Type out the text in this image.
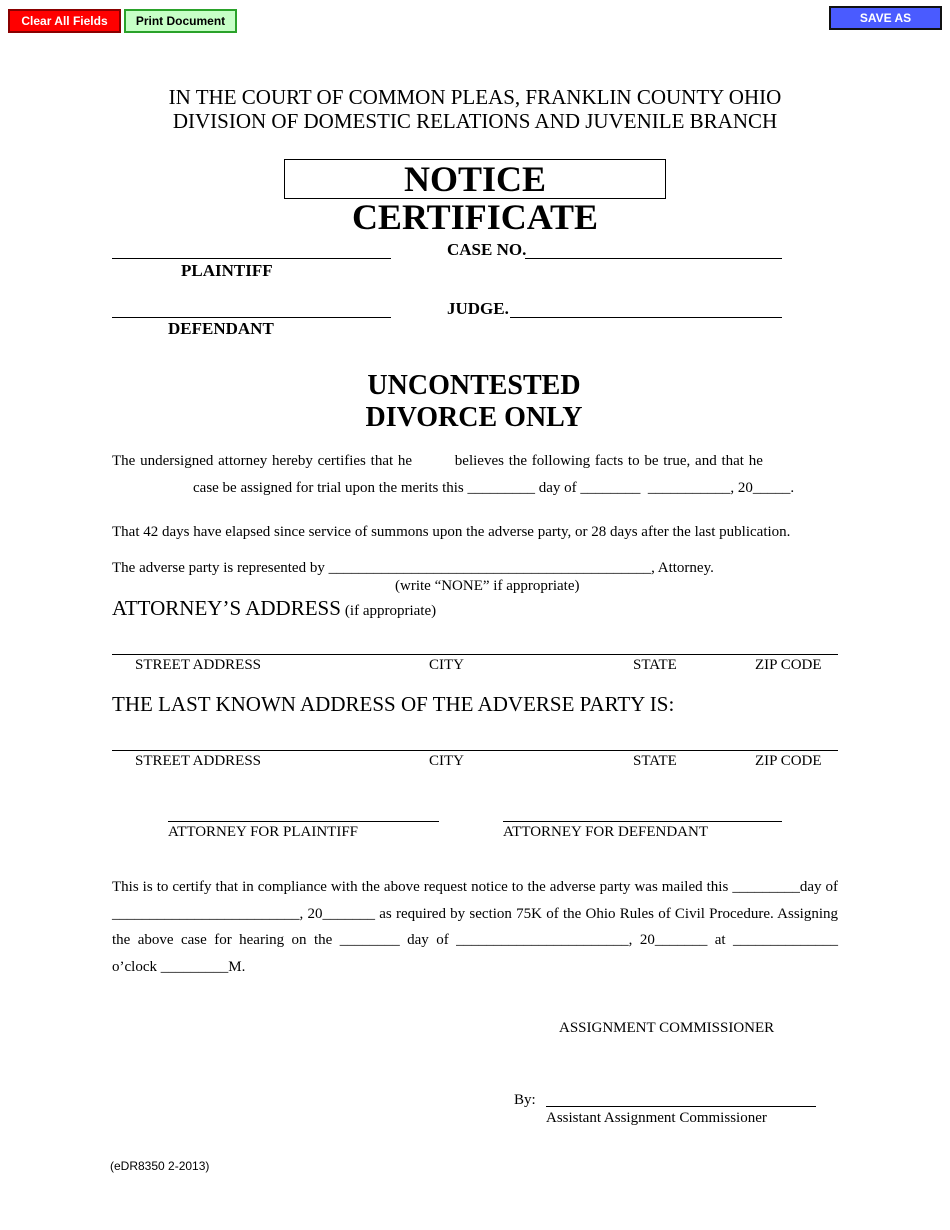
Clear All Fields	Print Document	SAVE AS
IN THE COURT OF COMMON PLEAS, FRANKLIN COUNTY OHIO
DIVISION OF DOMESTIC RELATIONS AND JUVENILE BRANCH
NOTICE CERTIFICATE
PLAINTIFF
CASE NO.
DEFENDANT
JUDGE.
UNCONTESTED
DIVORCE ONLY
The undersigned attorney hereby certifies that he         believes the following facts to be true, and that he
case be assigned for trial upon the merits this _________ day of ________  ___________, 20_____.
That 42 days have elapsed since service of summons upon the adverse party, or 28 days after the last publication.
The adverse party is represented by ___________________________________________, Attorney.
(write “NONE” if appropriate)
ATTORNEY’S ADDRESS (if appropriate)
STREET ADDRESS	CITY	STATE	ZIP CODE
THE LAST KNOWN ADDRESS OF THE ADVERSE PARTY IS:
STREET ADDRESS	CITY	STATE	ZIP CODE
ATTORNEY FOR PLAINTIFF	ATTORNEY FOR DEFENDANT
This is to certify that in compliance with the above request notice to the adverse party was mailed this _________day of _________________________, 20_______ as required by section 75K of the Ohio Rules of Civil Procedure. Assigning the above case for hearing on the ________ day of _______________________, 20_______ at ______________ o’clock _________M.
ASSIGNMENT COMMISSIONER
By:
Assistant Assignment Commissioner
(eDR8350 2-2013)
